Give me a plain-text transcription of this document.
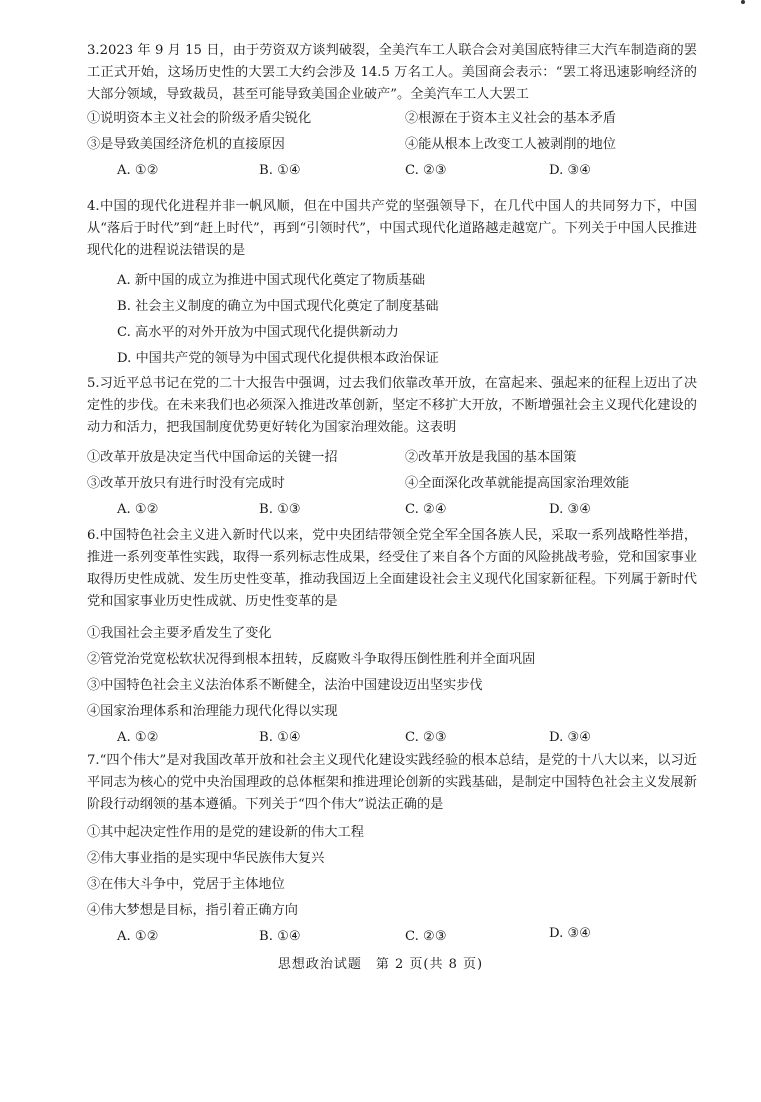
3.2023 年 9 月 15 日，由于劳资双方谈判破裂，全美汽车工人联合会对美国底特律三大汽车制造商的罢工正式开始，这场历史性的大罢工大约会涉及 14.5 万名工人。美国商会表示：“罢工将迅速影响经济的大部分领域，导致裁员，甚至可能导致美国企业破产”。全美汽车工人大罢工
①说明资本主义社会的阶级矛盾尖锐化	②根源在于资本主义社会的基本矛盾
③是导致美国经济危机的直接原因	④能从根本上改变工人被剥削的地位
A. ①②	B. ①④	C. ②③	D. ③④
4.中国的现代化进程并非一帆风顺，但在中国共产党的坚强领导下，在几代中国人的共同努力下，中国从“落后于时代”到“赶上时代”，再到“引领时代”，中国式现代化道路越走越宽广。下列关于中国人民推进现代化的进程说法错误的是
A. 新中国的成立为推进中国式现代化奠定了物质基础
B. 社会主义制度的确立为中国式现代化奠定了制度基础
C. 高水平的对外开放为中国式现代化提供新动力
D. 中国共产党的领导为中国式现代化提供根本政治保证
5.习近平总书记在党的二十大报告中强调，过去我们依靠改革开放，在富起来、强起来的征程上迈出了决定性的步伐。在未来我们也必须深入推进改革创新，坚定不移扩大开放，不断增强社会主义现代化建设的动力和活力，把我国制度优势更好转化为国家治理效能。这表明
①改革开放是决定当代中国命运的关键一招	②改革开放是我国的基本国策
③改革开放只有进行时没有完成时	④全面深化改革就能提高国家治理效能
A. ①②	B. ①③	C. ②④	D. ③④
6.中国特色社会主义进入新时代以来，党中央团结带领全党全军全国各族人民，采取一系列战略性举措，推进一系列变革性实践，取得一系列标志性成果，经受住了来自各个方面的风险挑战考验，党和国家事业取得历史性成就、发生历史性变革，推动我国迈上全面建设社会主义现代化国家新征程。下列属于新时代党和国家事业历史性成就、历史性变革的是
①我国社会主要矛盾发生了变化
②管党治党宽松软状况得到根本扭转，反腐败斗争取得压倒性胜利并全面巩固
③中国特色社会主义法治体系不断健全，法治中国建设迈出坚实步伐
④国家治理体系和治理能力现代化得以实现
A. ①②	B. ①④	C. ②③	D. ③④
7.“四个伟大”是对我国改革开放和社会主义现代化建设实践经验的根本总结，是党的十八大以来，以习近平同志为核心的党中央治国理政的总体框架和推进理论创新的实践基础，是制定中国特色社会主义发展新阶段行动纲领的基本遵循。下列关于“四个伟大”说法正确的是
①其中起决定性作用的是党的建设新的伟大工程
②伟大事业指的是实现中华民族伟大复兴
③在伟大斗争中，党居于主体地位
④伟大梦想是目标，指引着正确方向
A. ①②	B. ①④	C. ②③	D. ③④
思想政治试题　第 2 页(共 8 页)
